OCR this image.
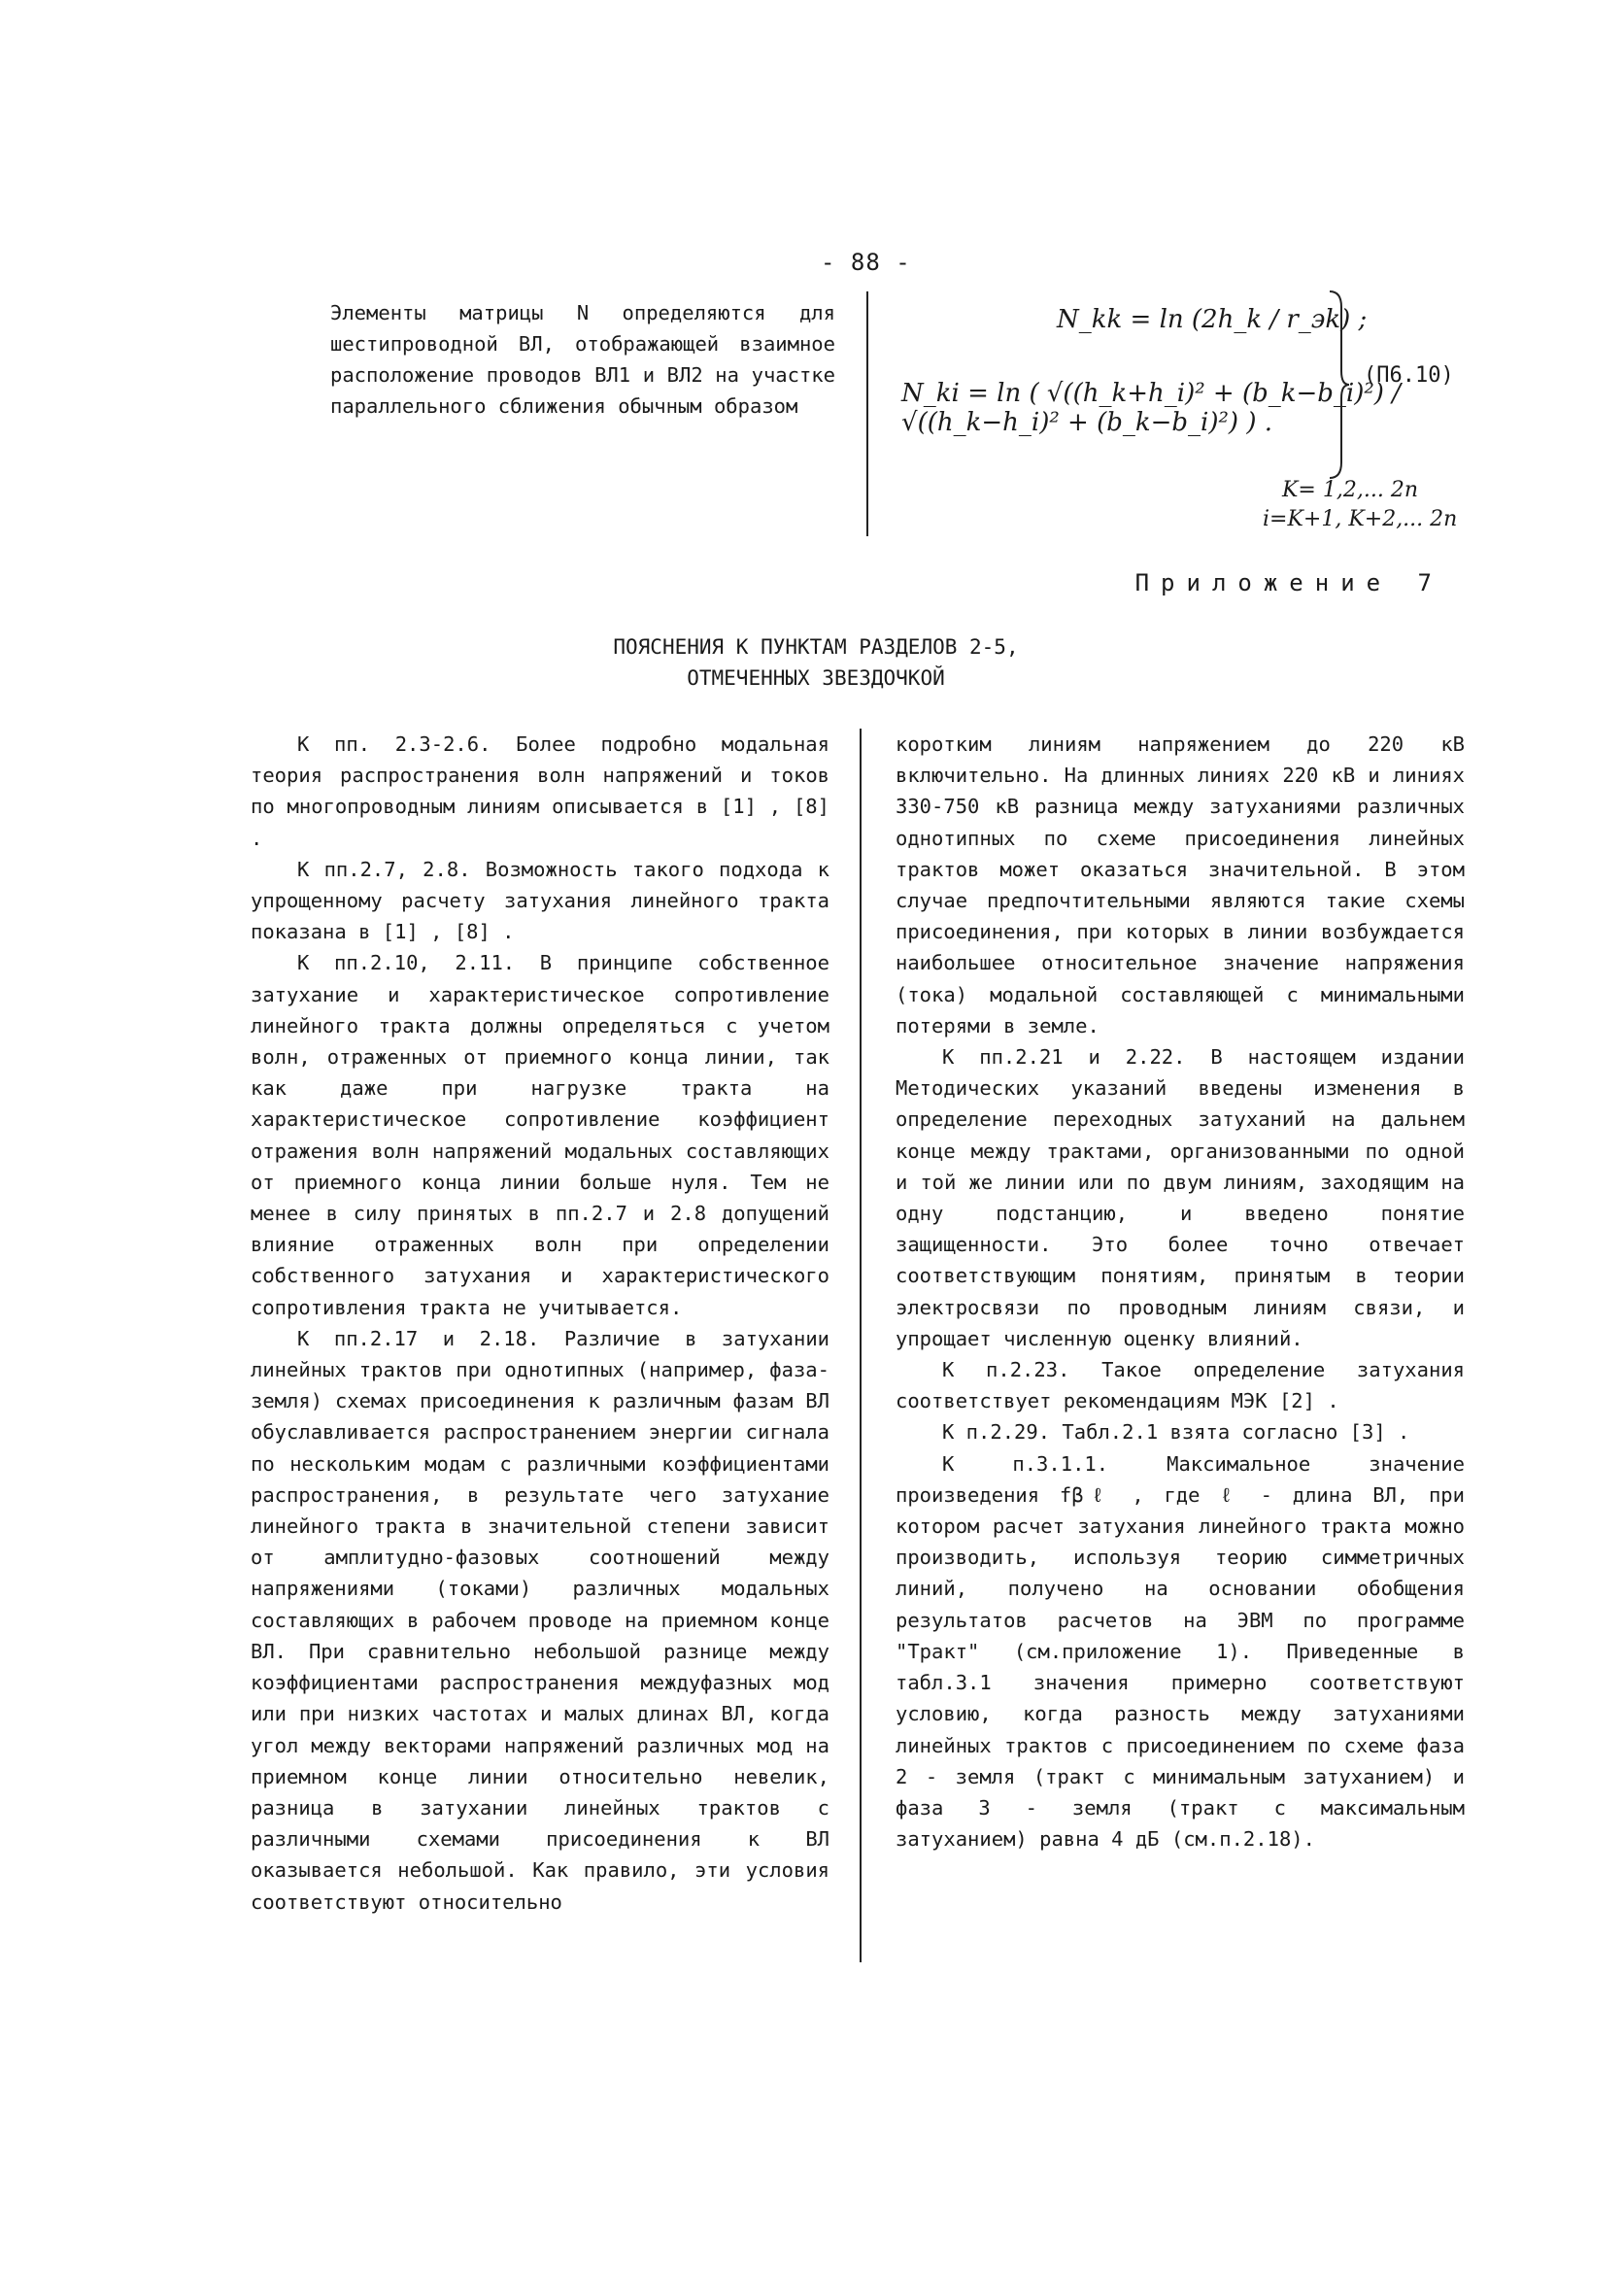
- 88 -

Элементы матрицы N определяются для шестипроводной ВЛ, отображающей взаимное расположение проводов ВЛ1 и ВЛ2 на участке параллельного сближения обычным образом

N_kk = ln (2h_k / r_эk) ;
N_ki = ln ( √((h_k+h_i)² + (b_k−b_i)²) / √((h_k−h_i)² + (b_k−b_i)²) ) .
(П6.10)
K= 1,2,... 2n
i=K+1, K+2,... 2n
Приложение 7
ПОЯСНЕНИЯ К ПУНКТАМ РАЗДЕЛОВ 2-5,
ОТМЕЧЕННЫХ ЗВЕЗДОЧКОЙ

К пп. 2.3-2.6. Более подробно модальная теория распространения волн напряжений и токов по многопроводным линиям описывается в [1] , [8] .

К пп.2.7, 2.8. Возможность такого подхода к упрощенному расчету затухания линейного тракта показана в [1] , [8] .

К пп.2.10, 2.11. В принципе собственное затухание и характеристическое сопротивление линейного тракта должны определяться с учетом волн, отраженных от приемного конца линии, так как даже при нагрузке тракта на характеристическое сопротивление коэффициент отражения волн напряжений модальных составляющих от приемного конца линии больше нуля. Тем не менее в силу принятых в пп.2.7 и 2.8 допущений влияние отраженных волн при определении собственного затухания и характеристического сопротивления тракта не учитывается.

К пп.2.17 и 2.18. Различие в затухании линейных трактов при однотипных (например, фаза-земля) схемах присоединения к различным фазам ВЛ обуславливается распространением энергии сигнала по нескольким модам с различными коэффициентами распространения, в результате чего затухание линейного тракта в значительной степени зависит от амплитудно-фазовых соотношений между напряжениями (токами) различных модальных составляющих в рабочем проводе на приемном конце ВЛ. При сравнительно небольшой разнице между коэффициентами распространения междуфазных мод или при низких частотах и малых длинах ВЛ, когда угол между векторами напряжений различных мод на приемном конце линии относительно невелик, разница в затухании линейных трактов с различными схемами присоединения к ВЛ оказывается небольшой. Как правило, эти условия соответствуют относительно

коротким линиям напряжением до 220 кВ включительно. На длинных линиях 220 кВ и линиях 330-750 кВ разница между затуханиями различных однотипных по схеме присоединения линейных трактов может оказаться значительной. В этом случае предпочтительными являются такие схемы присоединения, при которых в линии возбуждается наибольшее относительное значение напряжения (тока) модальной составляющей с минимальными потерями в земле.

К пп.2.21 и 2.22. В настоящем издании Методических указаний введены изменения в определение переходных затуханий на дальнем конце между трактами, организованными по одной и той же линии или по двум линиям, заходящим на одну подстанцию, и введено понятие защищенности. Это более точно отвечает соответствующим понятиям, принятым в теории электросвязи по проводным линиям связи, и упрощает численную оценку влияний.

К п.2.23. Такое определение затухания соответствует рекомендациям МЭК [2] .

К п.2.29. Табл.2.1 взята согласно [3] .

К п.3.1.1. Максимальное значение произведения fβℓ , где ℓ - длина ВЛ, при котором расчет затухания линейного тракта можно производить, используя теорию симметричных линий, получено на основании обобщения результатов расчетов на ЭВМ по программе "Тракт" (см.приложение 1). Приведенные в табл.3.1 значения примерно соответствуют условию, когда разность между затуханиями линейных трактов с присоединением по схеме фаза 2 - земля (тракт с минимальным затуханием) и фаза 3 - земля (тракт с максимальным затуханием) равна 4 дБ (см.п.2.18).
